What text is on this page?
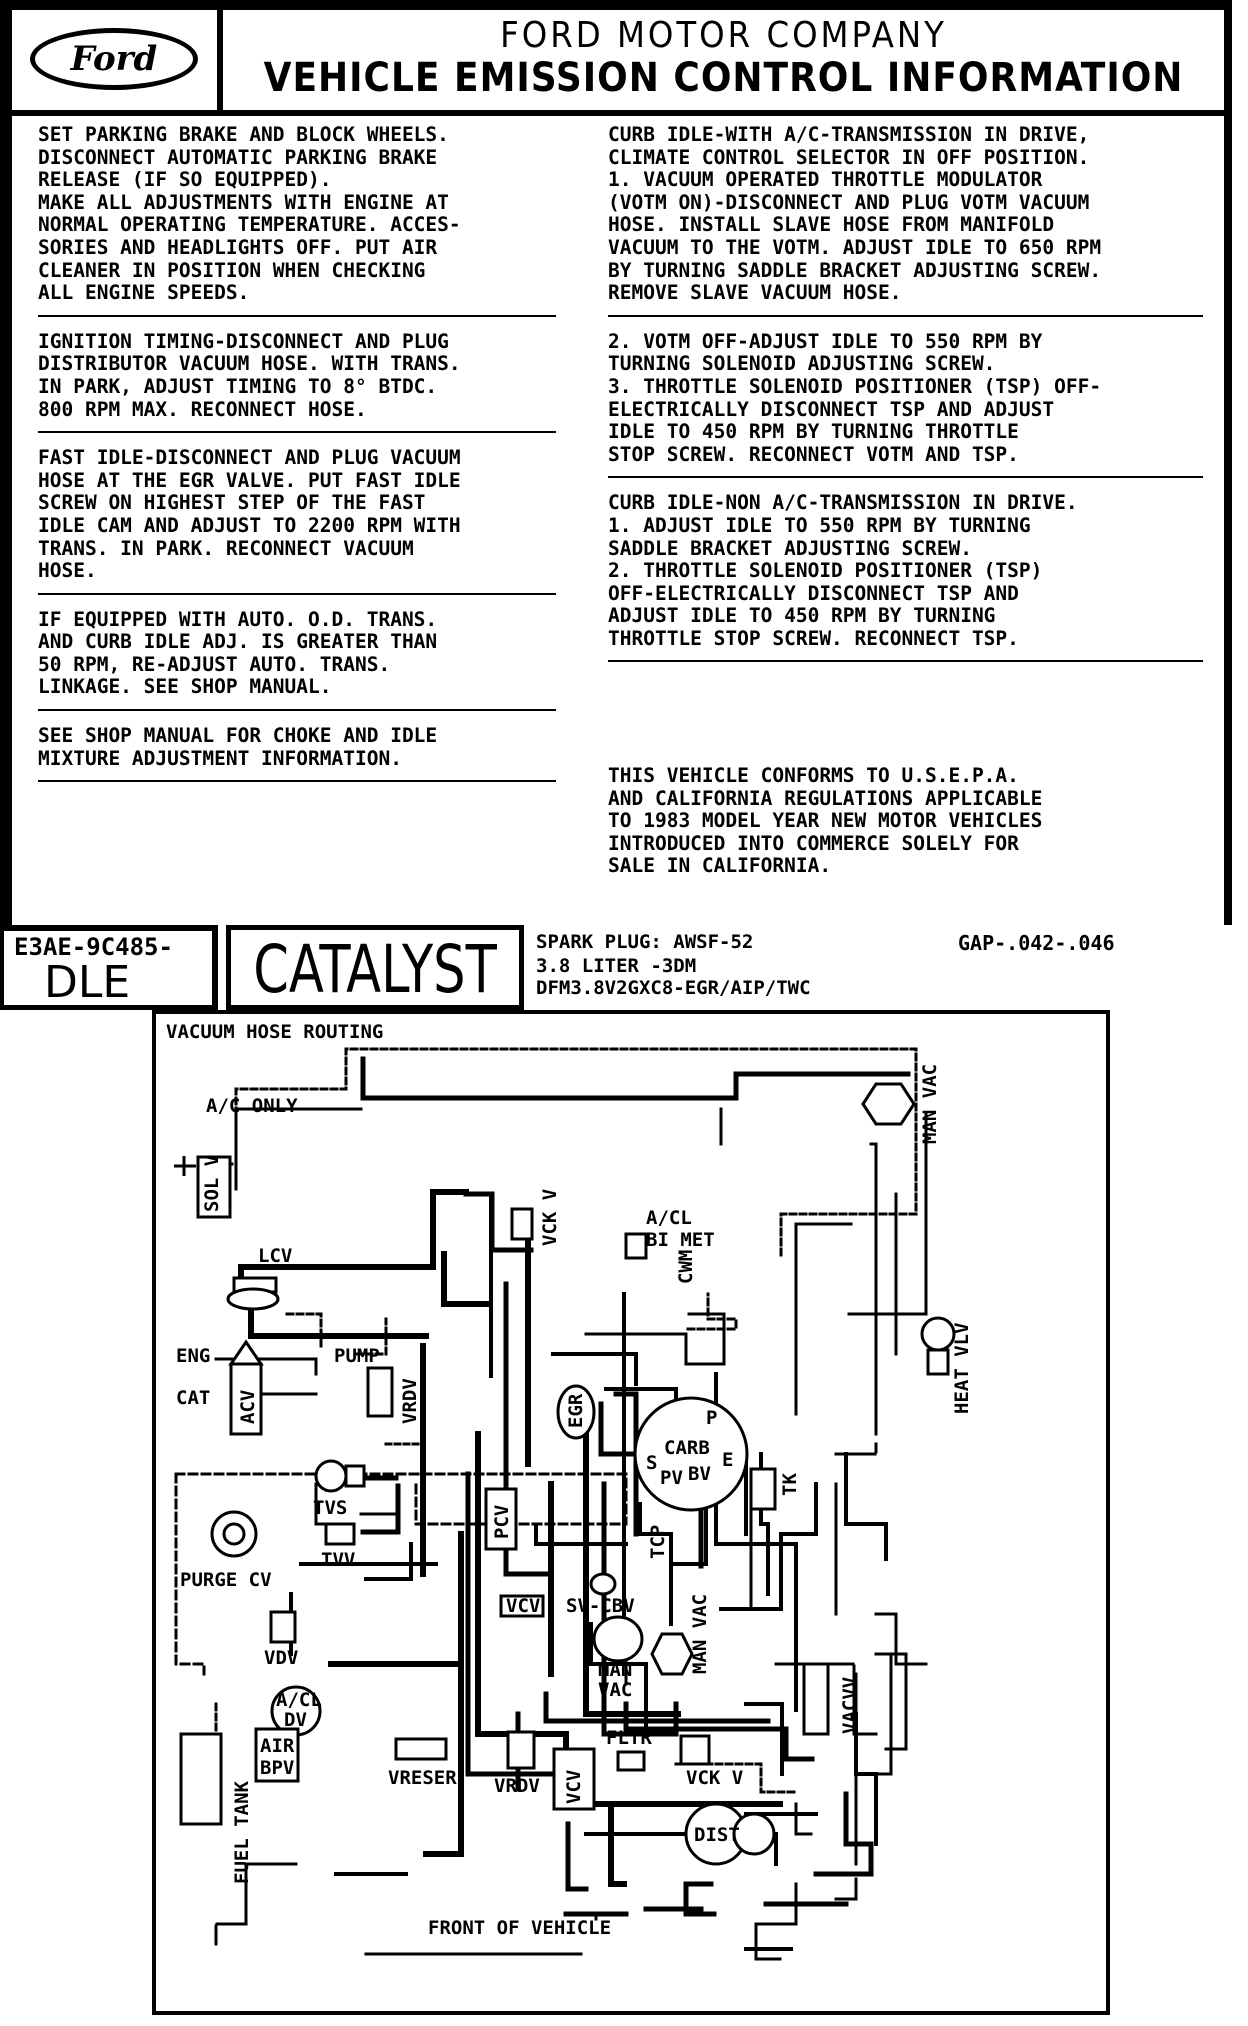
Ford
FORD MOTOR COMPANY
VEHICLE EMISSION CONTROL INFORMATION
SET PARKING BRAKE AND BLOCK WHEELS.
DISCONNECT AUTOMATIC PARKING BRAKE
RELEASE (IF SO EQUIPPED).
MAKE ALL ADJUSTMENTS WITH ENGINE AT
NORMAL OPERATING TEMPERATURE. ACCES-
SORIES AND HEADLIGHTS OFF. PUT AIR
CLEANER IN POSITION WHEN CHECKING
ALL ENGINE SPEEDS.
IGNITION TIMING-DISCONNECT AND PLUG
DISTRIBUTOR VACUUM HOSE. WITH TRANS.
IN PARK, ADJUST TIMING TO 8° BTDC.
800 RPM MAX. RECONNECT HOSE.
FAST IDLE-DISCONNECT AND PLUG VACUUM
HOSE AT THE EGR VALVE. PUT FAST IDLE
SCREW ON HIGHEST STEP OF THE FAST
IDLE CAM AND ADJUST TO 2200 RPM WITH
TRANS. IN PARK. RECONNECT VACUUM
HOSE.
IF EQUIPPED WITH AUTO. O.D. TRANS.
AND CURB IDLE ADJ. IS GREATER THAN
50 RPM, RE-ADJUST AUTO. TRANS.
LINKAGE. SEE SHOP MANUAL.
SEE SHOP MANUAL FOR CHOKE AND IDLE
MIXTURE ADJUSTMENT INFORMATION.
CURB IDLE-WITH A/C-TRANSMISSION IN DRIVE,
CLIMATE CONTROL SELECTOR IN OFF POSITION.
1. VACUUM OPERATED THROTTLE MODULATOR
(VOTM ON)-DISCONNECT AND PLUG VOTM VACUUM
HOSE. INSTALL SLAVE HOSE FROM MANIFOLD
VACUUM TO THE VOTM. ADJUST IDLE TO 650 RPM
BY TURNING SADDLE BRACKET ADJUSTING SCREW.
REMOVE SLAVE VACUUM HOSE.
2. VOTM OFF-ADJUST IDLE TO 550 RPM BY
TURNING SOLENOID ADJUSTING SCREW.
3. THROTTLE SOLENOID POSITIONER (TSP) OFF-
ELECTRICALLY DISCONNECT TSP AND ADJUST
IDLE TO 450 RPM BY TURNING THROTTLE
STOP SCREW. RECONNECT VOTM AND TSP.
CURB IDLE-NON A/C-TRANSMISSION IN DRIVE.
1. ADJUST IDLE TO 550 RPM BY TURNING
SADDLE BRACKET ADJUSTING SCREW.
2. THROTTLE SOLENOID POSITIONER (TSP)
OFF-ELECTRICALLY DISCONNECT TSP AND
ADJUST IDLE TO 450 RPM BY TURNING
THROTTLE STOP SCREW. RECONNECT TSP.
THIS VEHICLE CONFORMS TO U.S.E.P.A.
AND CALIFORNIA REGULATIONS APPLICABLE
TO 1983 MODEL YEAR NEW MOTOR VEHICLES
INTRODUCED INTO COMMERCE SOLELY FOR
SALE IN CALIFORNIA.
E3AE-9C485-
DLE CATALYST SPARK PLUG: AWSF-52	GAP-.042-.046
3.8 LITER -3DM
DFM3.8V2GXC8-EGR/AIP/TWC
VACUUM HOSE ROUTING
A/C ONLY
SOL V
MAN VAC
LCV
VCK V	A/CL
BI MET
CWM
HEAT VLV
ENG	PUMP
CAT ACV	VRDV	EGR
CARB
P
S
PV BV
E
TK
TVS	PCV
TCP
TVV
PURGE CV
VCV SV-CBV
VDV
MAN
VAC
MAN VAC
A/CL
DV	VACVV
FUEL TANK
AIR
BPV	VRESER VRDV VCV
FLTR
VCK V
DIST
FRONT OF VEHICLE
